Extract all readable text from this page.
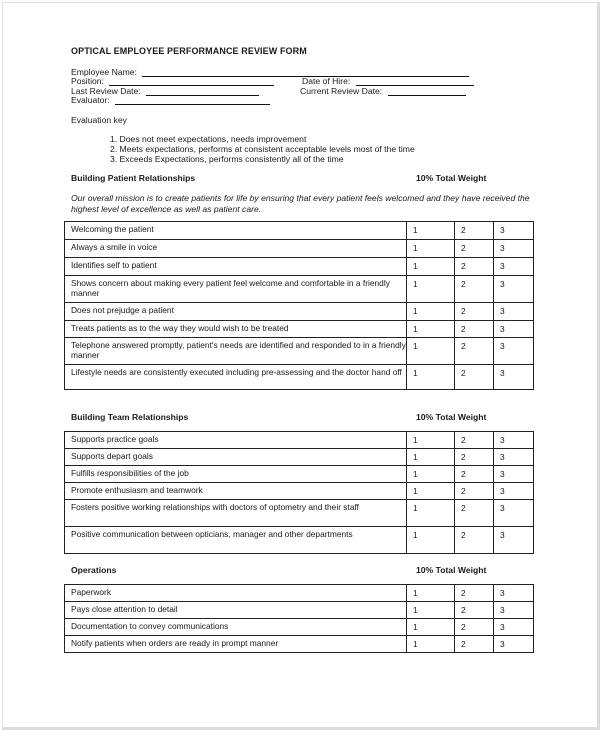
OPTICAL EMPLOYEE PERFORMANCE REVIEW FORM
Employee Name:
Position:	Date of Hire:
Last Review Date:	Current Review Date:
Evaluator:
Evaluation key
1. Does not meet expectations, needs improvement
2. Meets expectations, performs at consistent acceptable levels most of the time
3. Exceeds Expectations, performs consistently all of the time
Building Patient Relationships	10% Total Weight
Our overall mission is to create patients for life by ensuring that every patient feels welcomed and they have received the highest level of excellence as well as patient care.
Welcoming the patient	1	2	3
Always a smile in voice	1	2	3
Identifies self to patient	1	2	3
Shows concern about making every patient feel welcome and comfortable in a friendly manner	1	2	3
Does not prejudge a patient	1	2	3
Treats patients as to the way they would wish to be treated	1	2	3
Telephone answered promptly, patient's needs are identified and responded to in a friendly manner	1	2	3
Lifestyle needs are consistently executed including pre-assessing and the doctor hand off	1	2	3
Building Team Relationships	10% Total Weight
Supports practice goals	1	2	3
Supports depart goals	1	2	3
Fulfills responsibilities of the job	1	2	3
Promote enthusiasm and teamwork	1	2	3
Fosters positive working relationships with doctors of optometry and their staff	1	2	3
Positive communication between opticians, manager and other departments	1	2	3
Operations	10% Total Weight
Paperwork	1	2	3
Pays close attention to detail	1	2	3
Documentation to convey communications	1	2	3
Notify patients when orders are ready in prompt manner	1	2	3
